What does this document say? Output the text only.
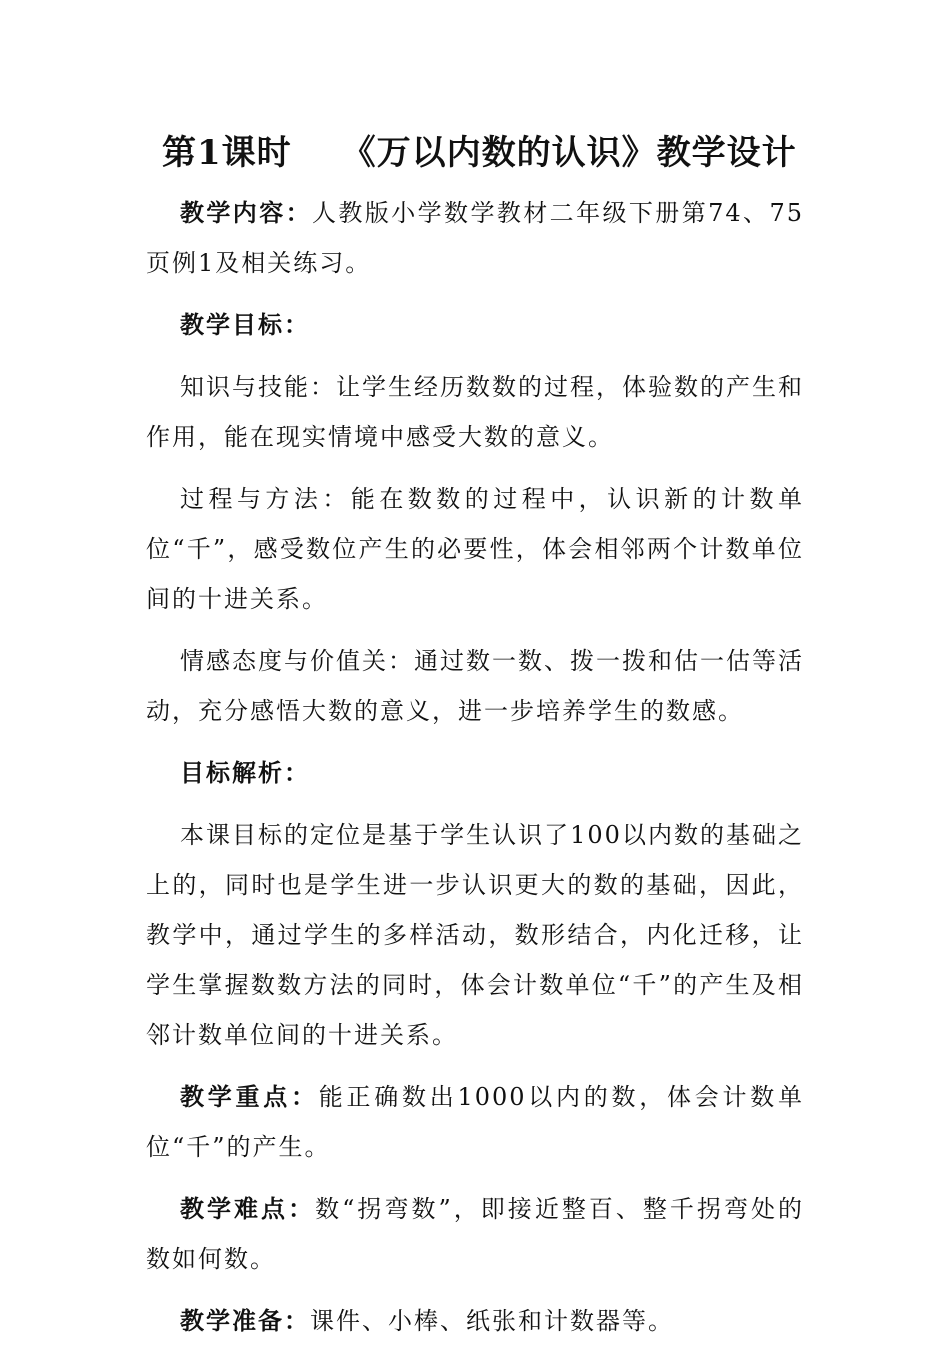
第1课时 《万以内数的认识》教学设计

教学内容：人教版小学数学教材二年级下册第74、75页例1及相关练习。

教学目标：

知识与技能：让学生经历数数的过程，体验数的产生和作用，能在现实情境中感受大数的意义。

过程与方法：能在数数的过程中，认识新的计数单位“千”，感受数位产生的必要性，体会相邻两个计数单位间的十进关系。

情感态度与价值关：通过数一数、拨一拨和估一估等活动，充分感悟大数的意义，进一步培养学生的数感。

目标解析：

本课目标的定位是基于学生认识了100以内数的基础之上的，同时也是学生进一步认识更大的数的基础，因此，教学中，通过学生的多样活动，数形结合，内化迁移，让学生掌握数数方法的同时，体会计数单位“千”的产生及相邻计数单位间的十进关系。

教学重点：能正确数出1000以内的数，体会计数单位“千”的产生。

教学难点：数“拐弯数”，即接近整百、整千拐弯处的数如何数。

教学准备：课件、小棒、纸张和计数器等。
